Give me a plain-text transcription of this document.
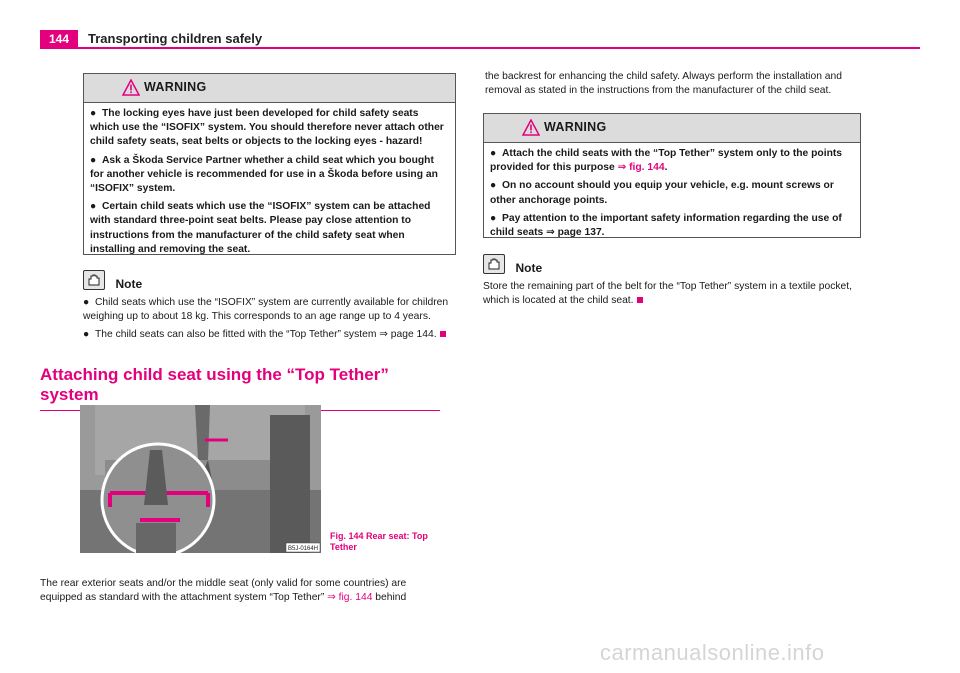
144	Transporting children safely
WARNING

● The locking eyes have just been developed for child safety seats which use the “ISOFIX” system. You should therefore never attach other child safety seats, seat belts or objects to the locking eyes - hazard!

● Ask a Škoda Service Partner whether a child seat which you bought for another vehicle is recommended for use in a Škoda before using an “ISOFIX” system.

● Certain child seats which use the “ISOFIX” system can be attached with standard three-point seat belts. Please pay close attention to instructions from the manufacturer of the child safety seat when installing and removing the seat.

$_{Note}$

● Child seats which use the “ISOFIX” system are currently available for children weighing up to about 18 kg. This corresponds to an age range up to 4 years.

● The child seats can also be fitted with the “Top Tether” system ⇒ page 144.

Attaching child seat using the “Top Tether” system
B5J-0164H
Fig. 144 Rear seat: Top
Tether
The rear exterior seats and/or the middle seat (only valid for some countries) are
equipped as standard with the attachment system “Top Tether” ⇒ fig. 144 behind
the backrest for enhancing the child safety. Always perform the installation and removal as stated in the instructions from the manufacturer of the child seat.
WARNING

● Attach the child seats with the “Top Tether” system only to the points provided for this purpose ⇒ fig. 144.

● On no account should you equip your vehicle, e.g. mount screws or other anchorage points.

● Pay attention to the important safety information regarding the use of child seats ⇒ page 137.

$_{Note}$
Store the remaining part of the belt for the “Top Tether” system in a textile pocket, which is located at the child seat.
carmanualsonline.info
